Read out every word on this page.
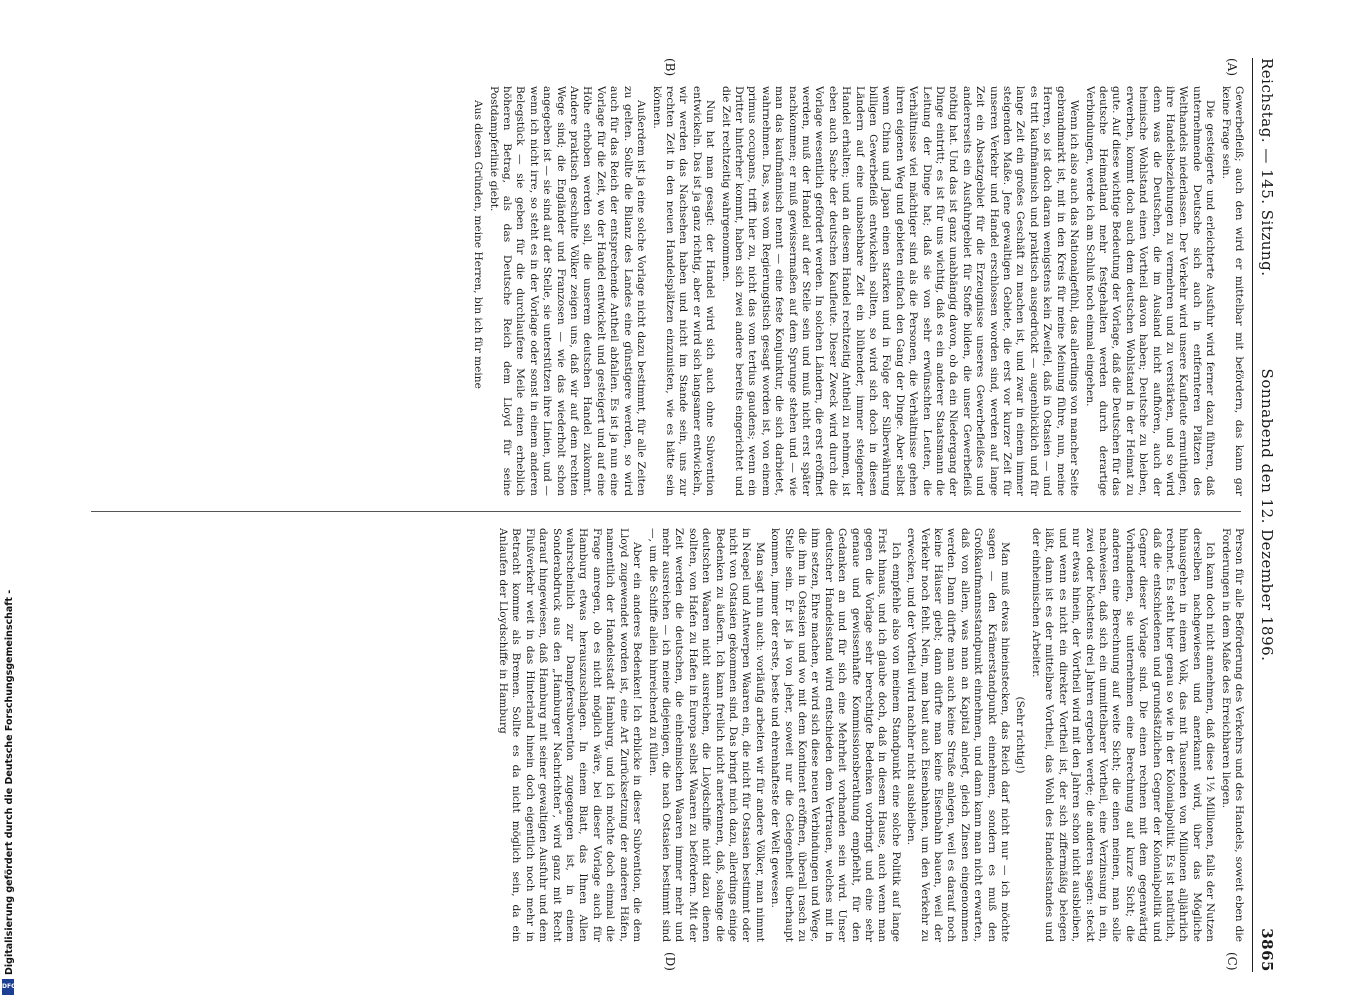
Reichstag. — 145. Sitzung.
Sonnabend den 12. Dezember 1896.
3865
(A)
(B)
(C)
(D)

Gewerbefleiß; auch den wird er mittelbar mit befördern, das kann gar keine Frage sein.

Die gesteigerte und erleichterte Ausfuhr wird ferner dazu führen, daß unternehmende Deutsche sich auch in entfernteren Plätzen des Welthandels niederlassen. Der Verkehr wird unsere Kaufleute ermuthigen, ihre Handelsbeziehungen zu vermehren und zu verstärken, und so wird denn was die Deutschen, die im Ausland nicht aufhören, auch der heimische Wohlstand einen Vortheil davon haben; Deutsche zu bleiben, erwerben, kommt doch auch dem deutschen Wohlstand in der Heimat zu gute. Auf diese wichtige Bedeutung der Vorlage, daß die Deutschen für das deutsche Heimatland mehr festgehalten werden durch derartige Verbindungen, werde ich am Schluß noch einmal eingehen.

Wenn ich also auch das Nationalgefühl, das allerdings von mancher Seite gebrandmarkt ist, mit in den Kreis für meine Meinung führe, nun, meine Herren, so ist doch daran wenigstens kein Zweifel, daß in Ostasien — und es tritt kaufmännisch und praktisch ausgedrückt — augenblicklich und für lange Zeit ein großes Geschäft zu machen ist, und zwar in einem immer steigenden Maße. Jene gewaltigen Gebiete, die erst vor kurzer Zeit für unseren Verkehr und Handel erschlossen worden sind, werden auf lange Zeit ein Absatzgebiet für die Erzeugnisse unseres Gewerbefleißes und andererseits ein Ausfuhrgebiet für Stoffe bilden, die unser Gewerbefleiß nöthig hat. Und das ist ganz unabhängig davon, ob da ein Niedergang der Dinge eintritt; es ist für uns wichtig, daß es ein anderer Staatsmann die Leitung der Dinge hat; daß sie von sehr erwünschten Leuten, die Verhältnisse viel mächtiger sind als die Personen, die Verhältnisse gehen ihren eigenen Weg und gebieten einfach den Gang der Dinge. Aber selbst wenn China und Japan einen starken und in Folge der Silberwährung billigen Gewerbefleiß entwickeln sollten, so wird sich doch in diesen Ländern auf eine unabsehbare Zeit ein blühender, immer steigender Handel erhalten; und an diesem Handel rechtzeitig Antheil zu nehmen, ist eben auch Sache der deutschen Kaufleute. Dieser Zweck wird durch die Vorlage wesentlich gefördert werden. In solchen Ländern, die erst eröffnet werden, muß der Handel auf der Stelle sein und muß nicht erst später nachkommen; er muß gewissermaßen auf dem Sprunge stehen und — wie man das kaufmännisch nennt — eine feste Konjunktur, die sich darbietet, wahrnehmen. Das, was vom Regierungstisch gesagt worden ist, von einem primus occupans, trifft hier zu, nicht das vom tertius gaudens; wenn ein Dritter hinterher kommt, haben sich zwei andere bereits eingerichtet und die Zeit rechtzeitig wahrgenommen.

Nun hat man gesagt: der Handel wird sich auch ohne Subvention entwickeln. Das ist ja ganz richtig, aber er wird sich langsamer entwickeln, wir werden das Nachsehen haben und nicht im Stande sein, uns zur rechten Zeit in den neuen Handelsplätzen einzunisten, wie es hätte sein können.

Außerdem ist ja eine solche Vorlage nicht dazu bestimmt, für alle Zeiten zu gelten. Sollte die Bilanz des Landes eine günstigere werden, so wird auch für das Reich der entsprechende Antheil abfallen. Es ist ja nun eine Vorlage für die Zeit, wo der Handel entwickelt und gesteigert und auf eine Höhe erhoben werden soll, die unserem deutschen Handel zukommt. Andere praktisch geschulte Völker zeigen uns, daß wir auf dem rechten Wege sind; die Engländer und Franzosen — wie das wiederholt schon angegeben ist — sie sind auf der Stelle, sie unterstützen ihre Linien, und — wenn ich nicht irre, so steht es in der Vorlage oder sonst in einem anderen Belegstück — sie geben für die durchlaufene Meile einen erheblich höheren Betrag, als das Deutsche Reich dem Lloyd für seine Postdampferlinie giebt.

Aus diesen Gründen, meine Herren, bin ich für meine

Person für alle Beförderung des Verkehrs und des Handels, soweit eben die Forderungen in dem Maße des Erreichbaren liegen.

Ich kann doch nicht annehmen, daß diese 1½ Millionen, falls der Nutzen derselben nachgewiesen und anerkannt wird, über das Mögliche hinausgehen in einem Volk, das mit Tausenden von Millionen alljährlich rechnet. Es steht hier genau so wie in der Kolonialpolitik. Es ist natürlich, daß die entschiedenen und grundsätzlichen Gegner der Kolonialpolitik und Gegner dieser Vorlage sind. Die einen rechnen mit dem gegenwärtig Vorhandenen, sie unternehmen eine Berechnung auf kurze Sicht; die anderen eine Berechnung auf weite Sicht; die einen meinen, man solle nachweisen, daß sich ein unmittelbarer Vortheil, eine Verzinsung in ein, zwei oder höchstens drei Jahren ergeben werde; die anderen sagen: steckt nur etwas hinein, der Vortheil wird mit den Jahren schon nicht ausbleiben, und wenn es nicht ein direkter Vortheil ist, der sich ziffermäßig belegen läßt, dann ist es der mittelbare Vortheil, das Wohl des Handelsstandes und der einheimischen Arbeiter.

(Sehr richtig!)

Man muß etwas hineinstecken, das Reich darf nicht nur — ich möchte sagen — den Krämerstandpunkt einnehmen, sondern es muß den Großkaufmannsstandpunkt einnehmen, und dann kann man nicht erwarten, daß von allem, was man an Kapital anlegt, gleich Zinsen eingenommen werden. Dann dürfte man auch keine Straße anlegen, weil es darauf noch keine Häuser giebt; dann dürfte man keine Eisenbahn bauen, weil der Verkehr noch fehlt. Nein, man baut auch Eisenbahnen, um den Verkehr zu erwecken, und der Vortheil wird nachher nicht ausbleiben.

Ich empfehle also von meinem Standpunkt eine solche Politik auf lange Frist hinaus, und ich glaube doch, daß in diesem Hause, auch wenn man gegen die Vorlage sehr berechtigte Bedenken vorbringt und eine sehr genaue und gewissenhafte Kommissionsberathung empfiehlt, für den Gedanken an und für sich eine Mehrheit vorhanden sein wird. Unser deutscher Handelsstand wird entschieden dem Vertrauen, welches mit in ihm setzen, Ehre machen, er wird sich diese neuen Verbindungen und Wege, die ihm in Ostasien und wo mit dem Kontinent eröffnen, überall rasch zu Stelle sein. Er ist ja von jeher, soweit nur die Gelegenheit überhaupt kommen, immer der erste, beste und ehrenhafteste der Welt gewesen.

Man sagt nun auch: vorläufig arbeiten wir für andere Völker, man nimmt in Neapel und Antwerpen Waaren ein, die nicht für Ostasien bestimmt oder nicht von Ostasien gekommen sind. Das bringt mich dazu, allerdings einige Bedenken zu äußern. Ich kann freilich nicht anerkennen, daß, solange die deutschen Waaren nicht ausreichen, die Lloydschiffe nicht dazu dienen sollten, von Hafen zu Hafen in Europa selbst Waaren zu befördern. Mit der Zeit werden die deutschen, die einheimischen Waaren immer mehr und mehr ausreichen — ich meine diejenigen, die nach Ostasien bestimmt sind —, um die Schiffe allein hinreichend zu füllen.

Aber ein anderes Bedenken! Ich erblicke in dieser Subvention, die dem Lloyd zugewendet worden ist, eine Art Zurücksetzung der anderen Häfen, namentlich der Handelsstadt Hamburg, und ich möchte doch einmal die Frage anregen, ob es nicht möglich wäre, bei dieser Vorlage auch für Hamburg etwas herauszuschlagen. In einem Blatt, das Ihnen Allen wahrscheinlich zur Dampfersubvention zugegangen ist, in einem Sonderabdruck aus den „Hamburger Nachrichten“, wird ganz mit Recht darauf hingewiesen, daß Hamburg mit seiner gewaltigen Ausfuhr und dem Flußverkehr weit in das Hinterland hinein doch eigentlich noch mehr in Betracht komme als Bremen. Sollte es da nicht möglich sein, da ein Anlaufen der Lloydschiffe in Hamburg

Digitalisierung gefördert durch die Deutsche Forschungsgemeinschaft -
DFG
